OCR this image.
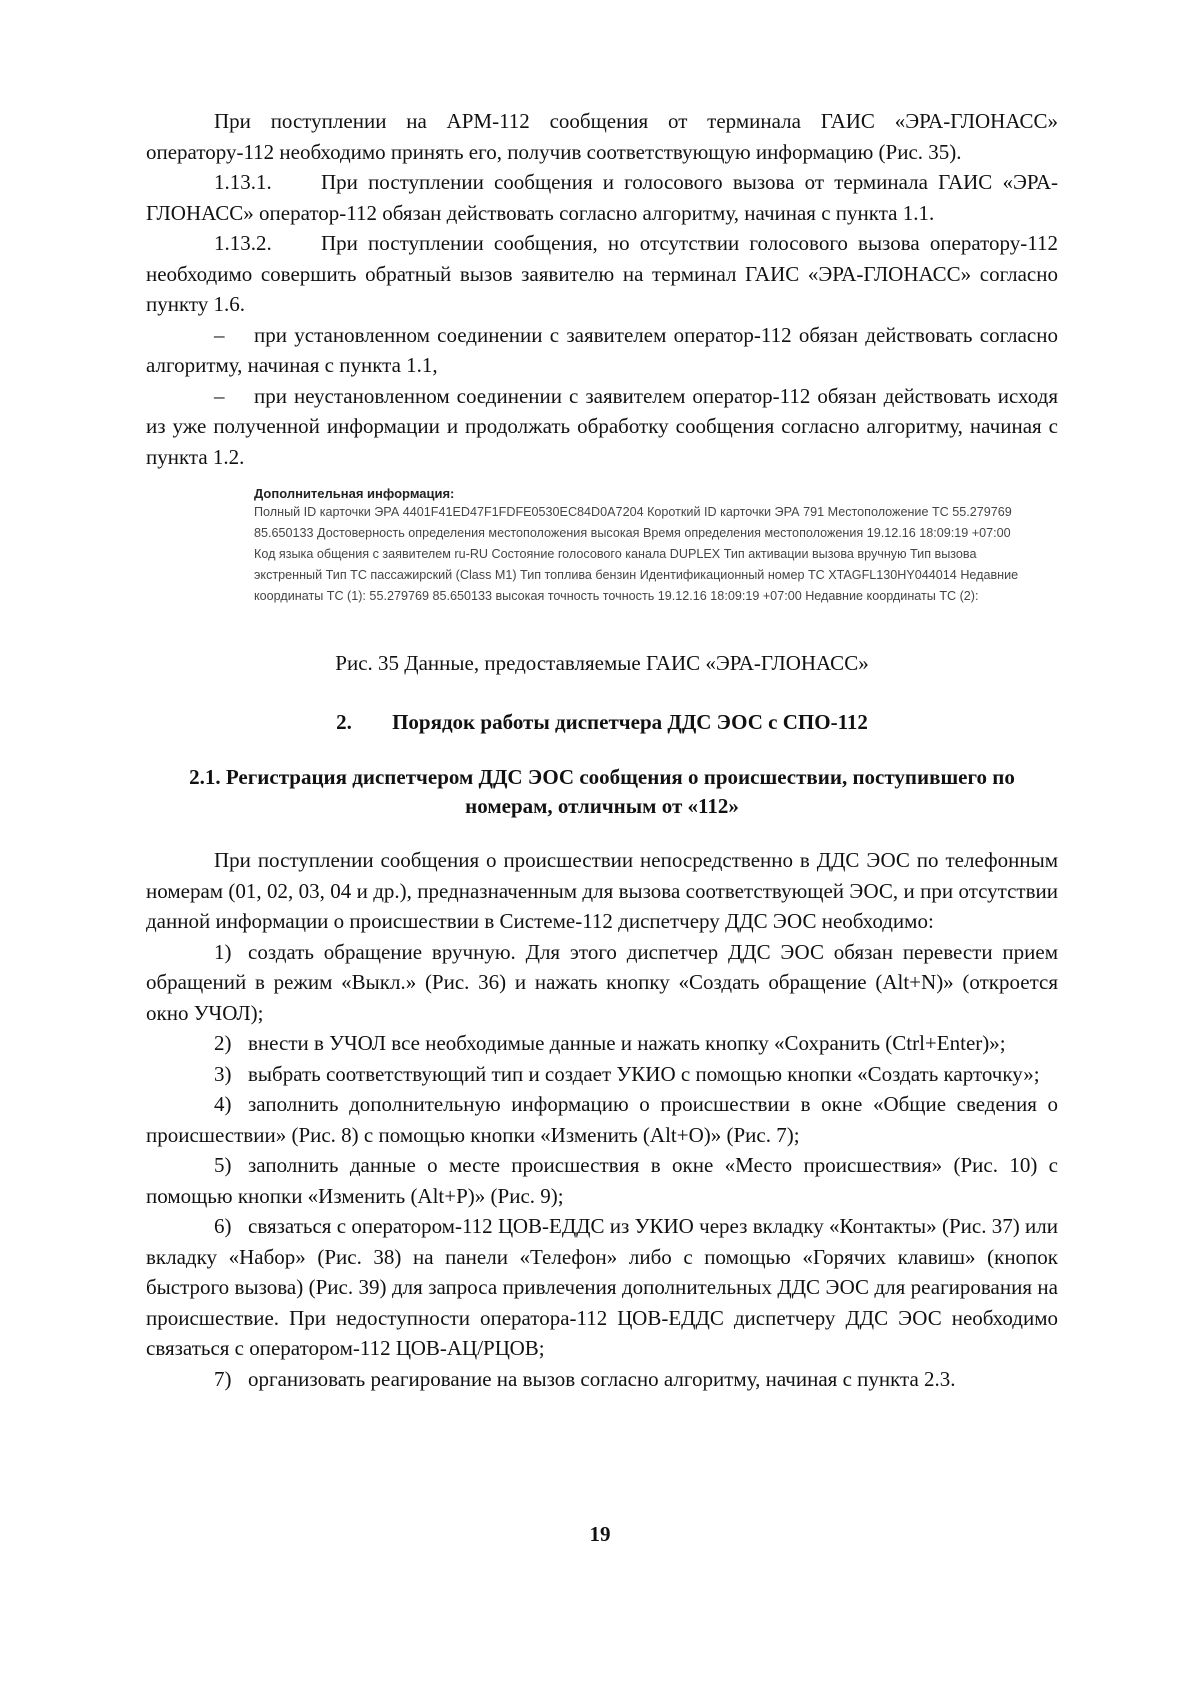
При поступлении на АРМ-112 сообщения от терминала ГАИС «ЭРА-ГЛОНАСС» оператору-112 необходимо принять его, получив соответствующую информацию (Рис. 35).

1.13.1. При поступлении сообщения и голосового вызова от терминала ГАИС «ЭРА-ГЛОНАСС» оператор-112 обязан действовать согласно алгоритму, начиная с пункта 1.1.

1.13.2. При поступлении сообщения, но отсутствии голосового вызова оператору-112 необходимо совершить обратный вызов заявителю на терминал ГАИС «ЭРА-ГЛОНАСС» согласно пункту 1.6.

– при установленном соединении с заявителем оператор-112 обязан действовать согласно алгоритму, начиная с пункта 1.1,

– при неустановленном соединении с заявителем оператор-112 обязан действовать исходя из уже полученной информации и продолжать обработку сообщения согласно алгоритму, начиная с пункта 1.2.

Дополнительная информация:

Полный ID карточки ЭРА 4401F41ED47F1FDFE0530EC84D0A7204 Короткий ID карточки ЭРА 791 Местоположение ТС 55.279769 85.650133 Достоверность определения местоположения высокая Время определения местоположения 19.12.16 18:09:19 +07:00 Код языка общения с заявителем ru-RU Состояние голосового канала DUPLEX Тип активации вызова вручную Тип вызова экстренный Тип ТС пассажирский (Class M1) Тип топлива бензин Идентификационный номер ТС XTAGFL130HY044014 Недавние координаты ТС (1): 55.279769 85.650133 высокая точность точность 19.12.16 18:09:19 +07:00 Недавние координаты ТС (2):

Рис. 35 Данные, предоставляемые ГАИС «ЭРА-ГЛОНАСС»

2. Порядок работы диспетчера ДДС ЭОС с СПО-112

2.1. Регистрация диспетчером ДДС ЭОС сообщения о происшествии, поступившего по
номерам, отличным от «112»

При поступлении сообщения о происшествии непосредственно в ДДС ЭОС по телефонным номерам (01, 02, 03, 04 и др.), предназначенным для вызова соответствующей ЭОС, и при отсутствии данной информации о происшествии в Системе-112 диспетчеру ДДС ЭОС необходимо:

1) создать обращение вручную. Для этого диспетчер ДДС ЭОС обязан перевести прием обращений в режим «Выкл.» (Рис. 36) и нажать кнопку «Создать обращение (Alt+N)» (откроется окно УЧОЛ);

2) внести в УЧОЛ все необходимые данные и нажать кнопку «Сохранить (Ctrl+Enter)»;

3) выбрать соответствующий тип и создает УКИО с помощью кнопки «Создать карточку»;

4) заполнить дополнительную информацию о происшествии в окне «Общие сведения о происшествии» (Рис. 8) с помощью кнопки «Изменить (Alt+O)» (Рис. 7);

5) заполнить данные о месте происшествия в окне «Место происшествия» (Рис. 10) с помощью кнопки «Изменить (Alt+P)» (Рис. 9);

6) связаться с оператором-112 ЦОВ-ЕДДС из УКИО через вкладку «Контакты» (Рис. 37) или вкладку «Набор» (Рис. 38) на панели «Телефон» либо с помощью «Горячих клавиш» (кнопок быстрого вызова) (Рис. 39) для запроса привлечения дополнительных ДДС ЭОС для реагирования на происшествие. При недоступности оператора-112 ЦОВ-ЕДДС диспетчеру ДДС ЭОС необходимо связаться с оператором-112 ЦОВ-АЦ/РЦОВ;

7) организовать реагирование на вызов согласно алгоритму, начиная с пункта 2.3.

19
